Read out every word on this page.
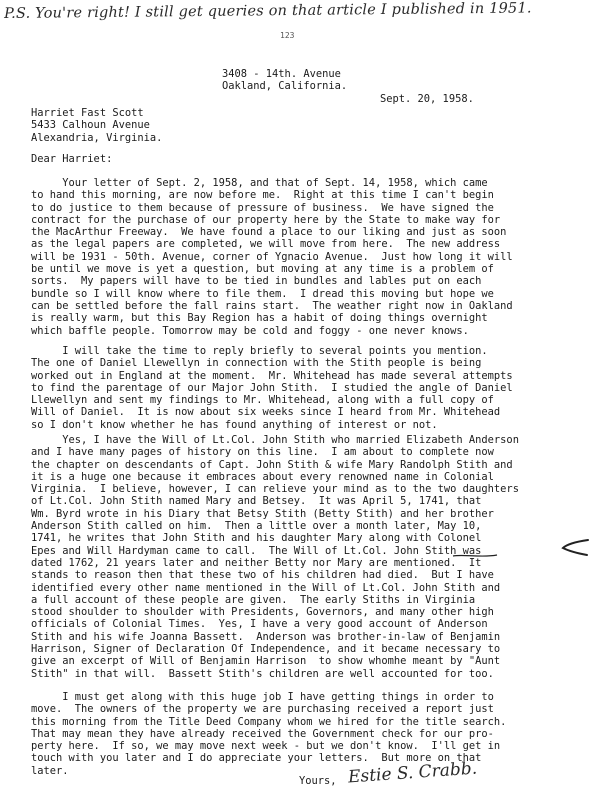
P.S. You're right! I still get queries on that article I published in 1951.
123
3408 - 14th. Avenue
Oakland, California.
Sept. 20, 1958.
Harriet Fast Scott
5433 Calhoun Avenue
Alexandria, Virginia.
Dear Harriet:
Your letter of Sept. 2, 1958, and that of Sept. 14, 1958, which came
to hand this morning, are now before me.  Right at this time I can't begin
to do justice to them because of pressure of business.  We have signed the
contract for the purchase of our property here by the State to make way for
the MacArthur Freeway.  We have found a place to our liking and just as soon
as the legal papers are completed, we will move from here.  The new address
will be 1931 - 50th. Avenue, corner of Ygnacio Avenue.  Just how long it will
be until we move is yet a question, but moving at any time is a problem of
sorts.  My papers will have to be tied in bundles and lables put on each
bundle so I will know where to file them.  I dread this moving but hope we
can be settled before the fall rains start.  The weather right now in Oakland
is really warm, but this Bay Region has a habit of doing things overnight
which baffle people. Tomorrow may be cold and foggy - one never knows.
I will take the time to reply briefly to several points you mention.
The one of Daniel Llewellyn in connection with the Stith people is being
worked out in England at the moment.  Mr. Whitehead has made several attempts
to find the parentage of our Major John Stith.  I studied the angle of Daniel
Llewellyn and sent my findings to Mr. Whitehead, along with a full copy of
Will of Daniel.  It is now about six weeks since I heard from Mr. Whitehead
so I don't know whether he has found anything of interest or not.
Yes, I have the Will of Lt.Col. John Stith who married Elizabeth Anderson
and I have many pages of history on this line.  I am about to complete now
the chapter on descendants of Capt. John Stith & wife Mary Randolph Stith and
it is a huge one because it embraces about every renowned name in Colonial
Virginia.  I believe, however, I can relieve your mind as to the two daughters
of Lt.Col. John Stith named Mary and Betsey.  It was April 5, 1741, that
Wm. Byrd wrote in his Diary that Betsy Stith (Betty Stith) and her brother
Anderson Stith called on him.  Then a little over a month later, May 10,
1741, he writes that John Stith and his daughter Mary along with Colonel
Epes and Will Hardyman came to call.  The Will of Lt.Col. John Stith was
dated 1762, 21 years later and neither Betty nor Mary are mentioned.  It
stands to reason then that these two of his children had died.  But I have
identified every other name mentioned in the Will of Lt.Col. John Stith and
a full account of these people are given.  The early Stiths in Virginia
stood shoulder to shoulder with Presidents, Governors, and many other high
officials of Colonial Times.  Yes, I have a very good account of Anderson
Stith and his wife Joanna Bassett.  Anderson was brother-in-law of Benjamin
Harrison, Signer of Declaration Of Independence, and it became necessary to
give an excerpt of Will of Benjamin Harrison  to show whomhe meant by "Aunt
Stith" in that will.  Bassett Stith's children are well accounted for too.
I must get along with this huge job I have getting things in order to
move.  The owners of the property we are purchasing received a report just
this morning from the Title Deed Company whom we hired for the title search.
That may mean they have already received the Government check for our pro-
perty here.  If so, we may move next week - but we don't know.  I'll get in
touch with you later and I do appreciate your letters.  But more on that
later.
Yours, Estie S. Crabb.
